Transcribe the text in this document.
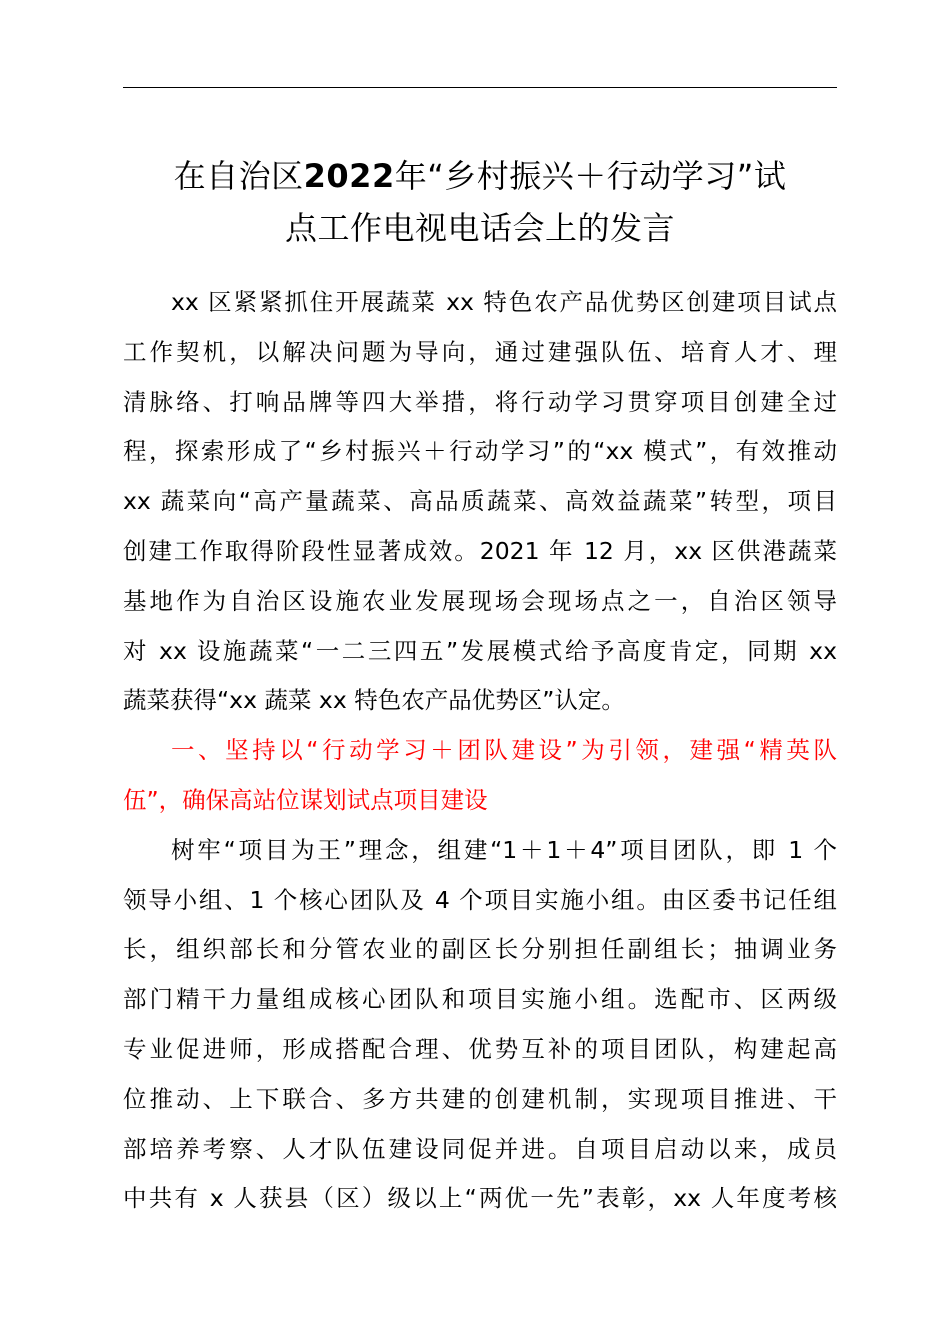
在自治区2022年“乡村振兴＋行动学习”试
点工作电视电话会上的发言

xx 区紧紧抓住开展蔬菜 xx 特色农产品优势区创建项目试点
工作契机，以解决问题为导向，通过建强队伍、培育人才、理
清脉络、打响品牌等四大举措，将行动学习贯穿项目创建全过
程，探索形成了“乡村振兴＋行动学习”的“xx 模式”，有效推动
xx 蔬菜向“高产量蔬菜、高品质蔬菜、高效益蔬菜”转型，项目
创建工作取得阶段性显著成效。2021 年 12 月，xx 区供港蔬菜
基地作为自治区设施农业发展现场会现场点之一，自治区领导
对 xx 设施蔬菜“一二三四五”发展模式给予高度肯定，同期 xx
蔬菜获得“xx 蔬菜 xx 特色农产品优势区”认定。

一、坚持以“行动学习＋团队建设”为引领，建强“精英队
伍”，确保高站位谋划试点项目建设

树牢“项目为王”理念，组建“1＋1＋4”项目团队，即 1 个
领导小组、1 个核心团队及 4 个项目实施小组。由区委书记任组
长，组织部长和分管农业的副区长分别担任副组长；抽调业务
部门精干力量组成核心团队和项目实施小组。选配市、区两级
专业促进师，形成搭配合理、优势互补的项目团队，构建起高
位推动、上下联合、多方共建的创建机制，实现项目推进、干
部培养考察、人才队伍建设同促并进。自项目启动以来，成员
中共有 x 人获县（区）级以上“两优一先”表彰，xx 人年度考核
